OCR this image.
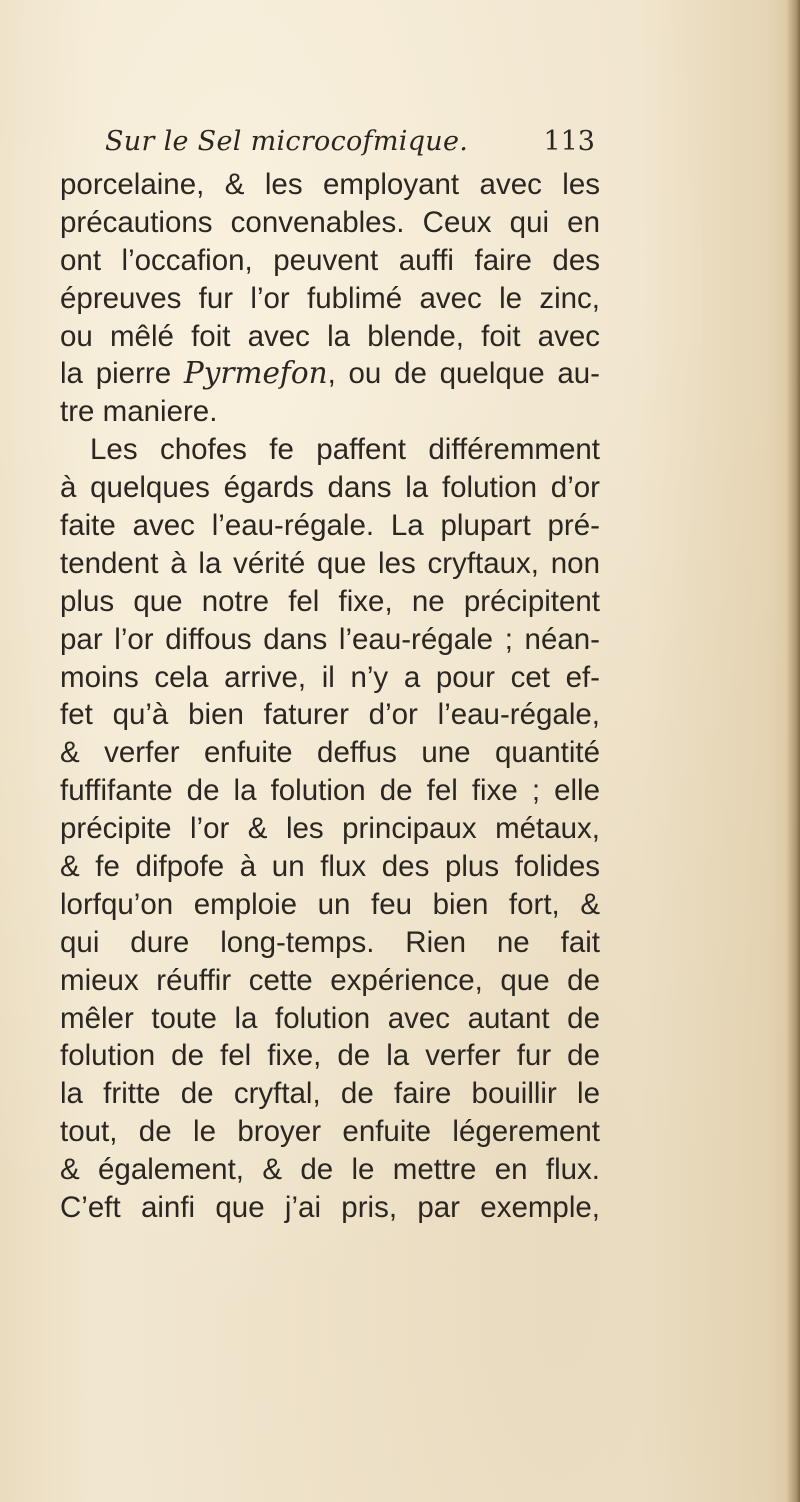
Sur le Sel microcofmique.	113
porcelaine, & les employant avec les
précautions convenables. Ceux qui en
ont l’occafion, peuvent auffi faire des
épreuves fur l’or fublimé avec le zinc,
ou mêlé foit avec la blende, foit avec
la pierre Pyrmefon, ou de quelque au-
tre maniere.
Les chofes fe paffent différemment
à quelques égards dans la folution d’or
faite avec l’eau-régale. La plupart pré-
tendent à la vérité que les cryftaux, non
plus que notre fel fixe, ne précipitent
par l’or diffous dans l’eau-régale ; néan-
moins cela arrive, il n’y a pour cet ef-
fet qu’à bien faturer d’or l’eau-régale,
& verfer enfuite deffus une quantité
fuffifante de la folution de fel fixe ; elle
précipite l’or & les principaux métaux,
& fe difpofe à un flux des plus folides
lorfqu’on emploie un feu bien fort, &
qui dure long-temps. Rien ne fait
mieux réuffir cette expérience, que de
mêler toute la folution avec autant de
folution de fel fixe, de la verfer fur de
la fritte de cryftal, de faire bouillir le
tout, de le broyer enfuite légerement
& également, & de le mettre en flux.
C’eft ainfi que j’ai pris, par exemple,
